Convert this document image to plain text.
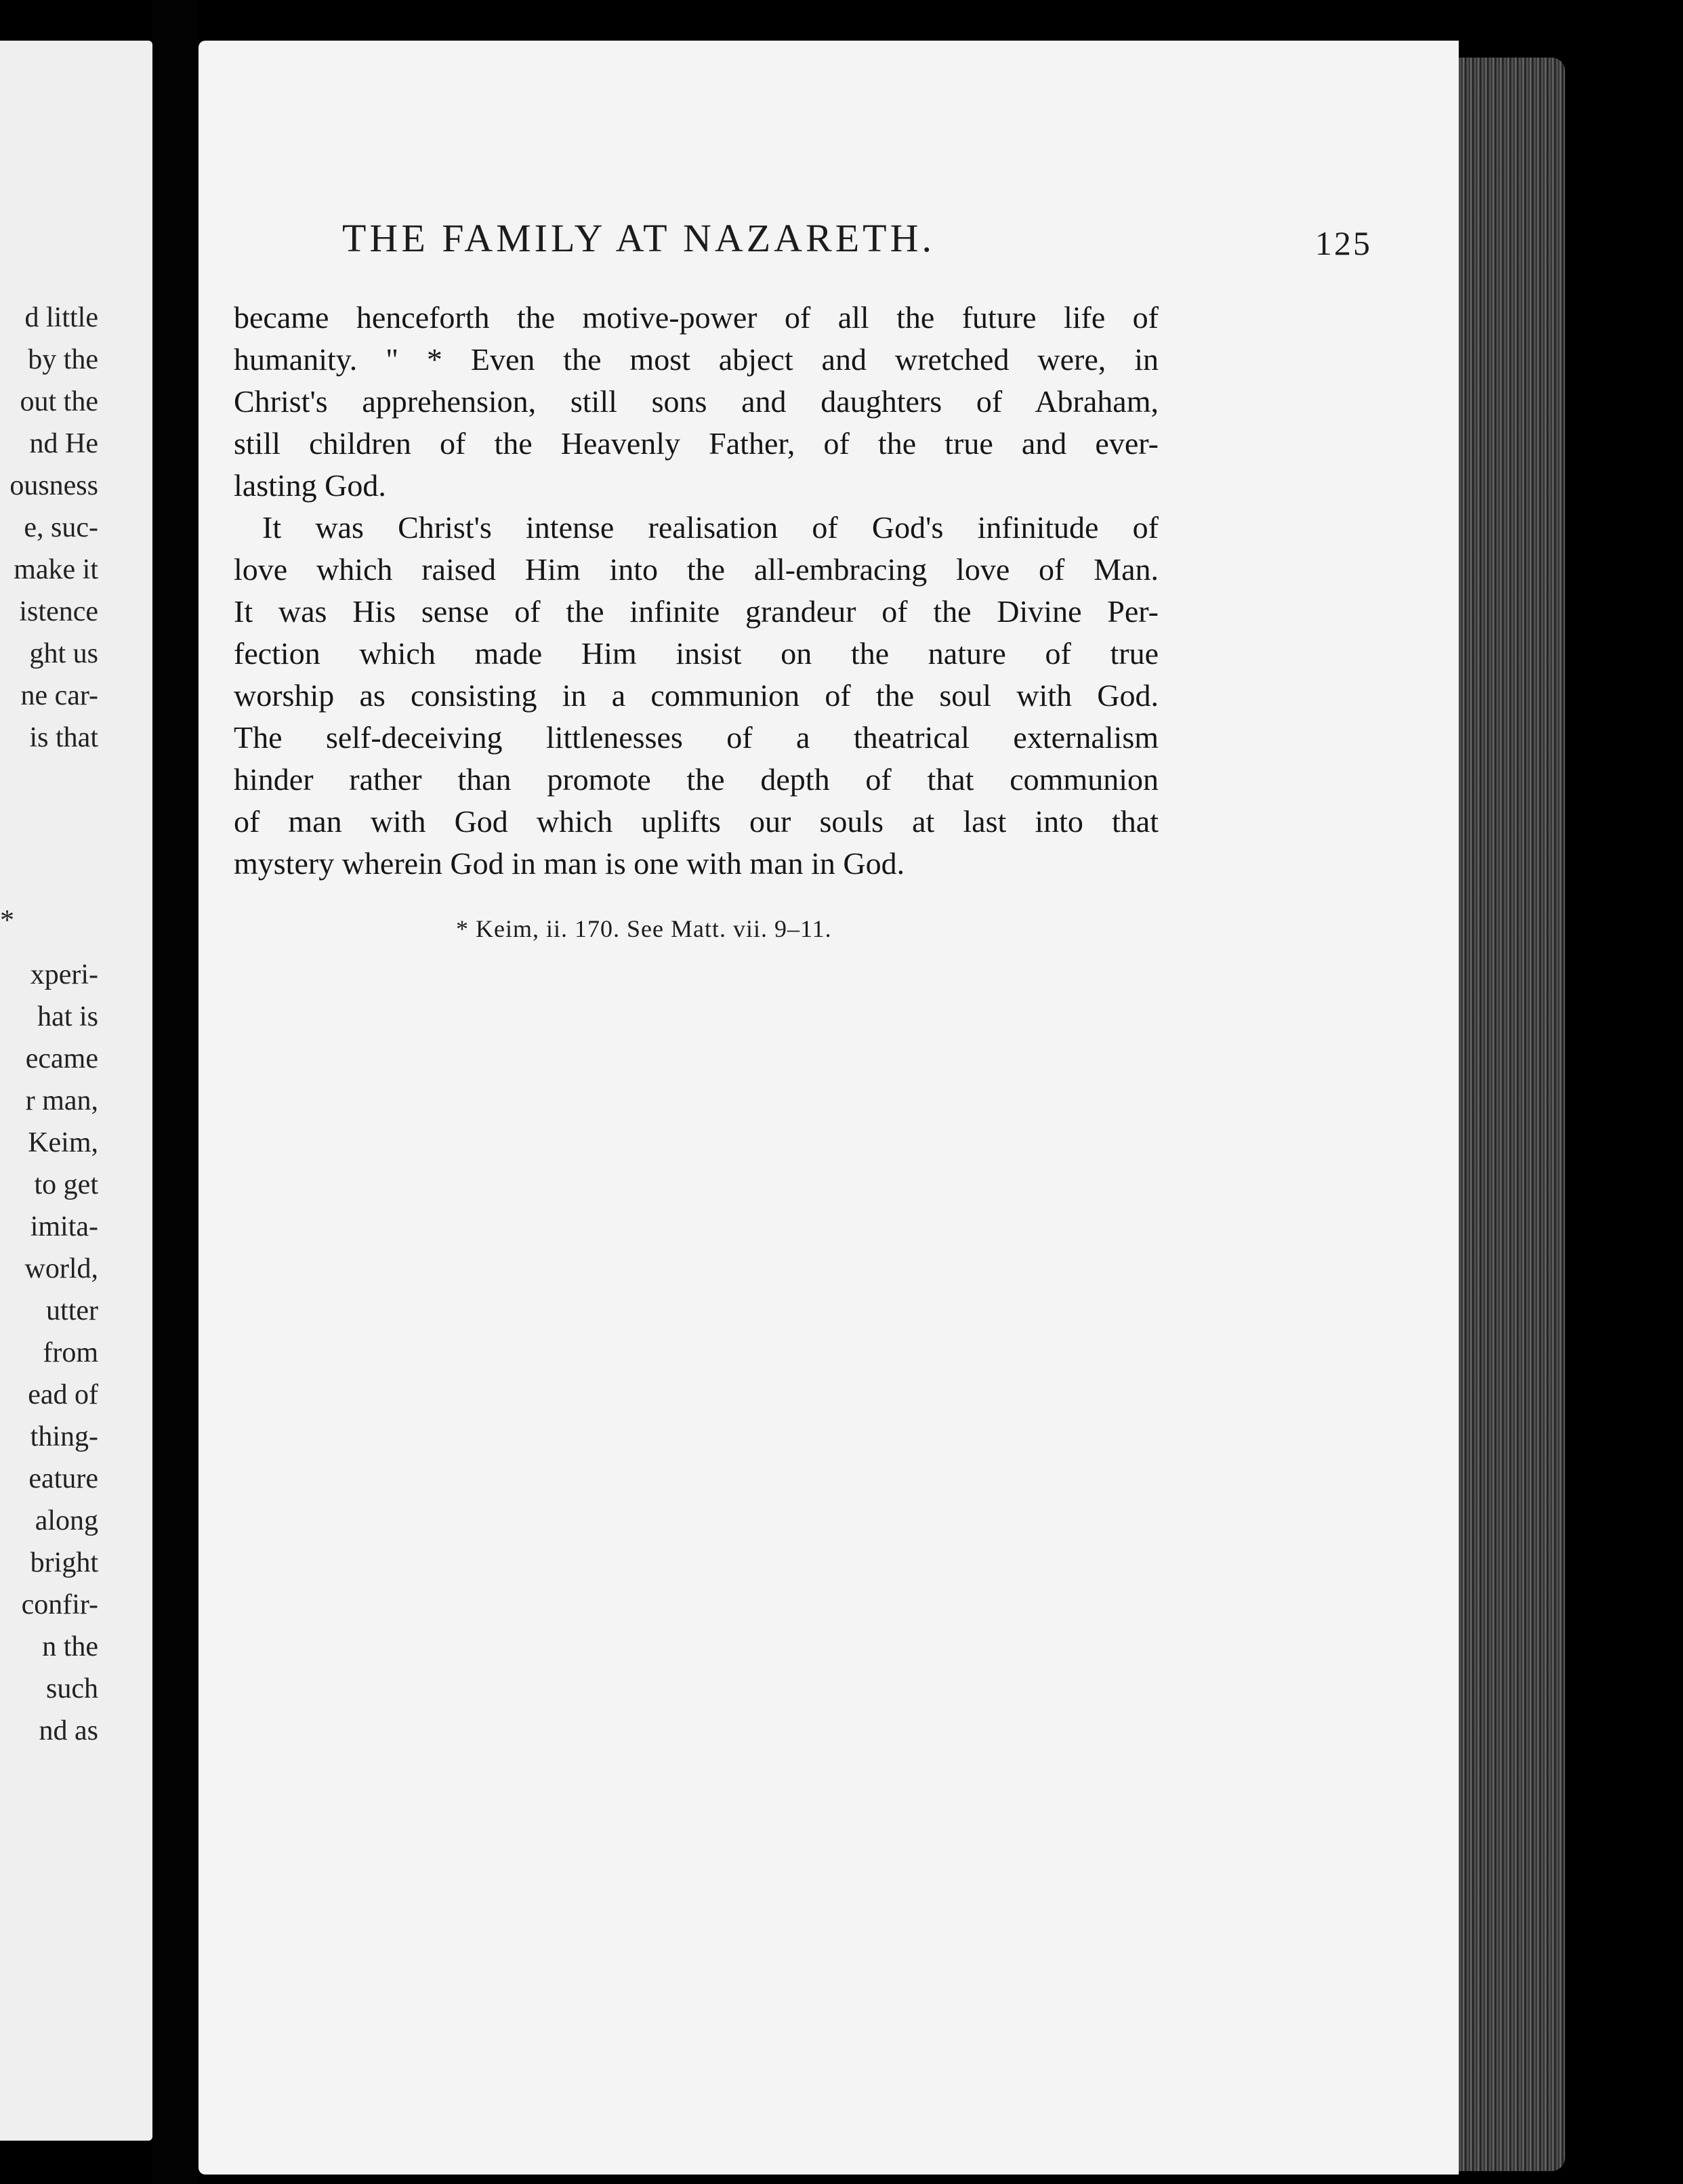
d little
by the
out the
nd He
ousness
e, suc-
make it
istence
ght us
ne car-
is that
*
xperi-
hat is
ecame
r man,
Keim,
to get
imita-
world,
utter
from
ead of
thing-
eature
along
bright
confir-
n the
such
nd as
THE FAMILY AT NAZARETH.	125
became henceforth the motive-power of all the future life of
humanity. " * Even the most abject and wretched were, in
Christ's apprehension, still sons and daughters of Abraham,
still children of the Heavenly Father, of the true and ever-
lasting God.
It was Christ's intense realisation of God's infinitude of
love which raised Him into the all-embracing love of Man.
It was His sense of the infinite grandeur of the Divine Per-
fection which made Him insist on the nature of true
worship as consisting in a communion of the soul with God.
The self-deceiving littlenesses of a theatrical externalism
hinder rather than promote the depth of that communion
of man with God which uplifts our souls at last into that
mystery wherein God in man is one with man in God.
* Keim, ii. 170. See Matt. vii. 9–11.
